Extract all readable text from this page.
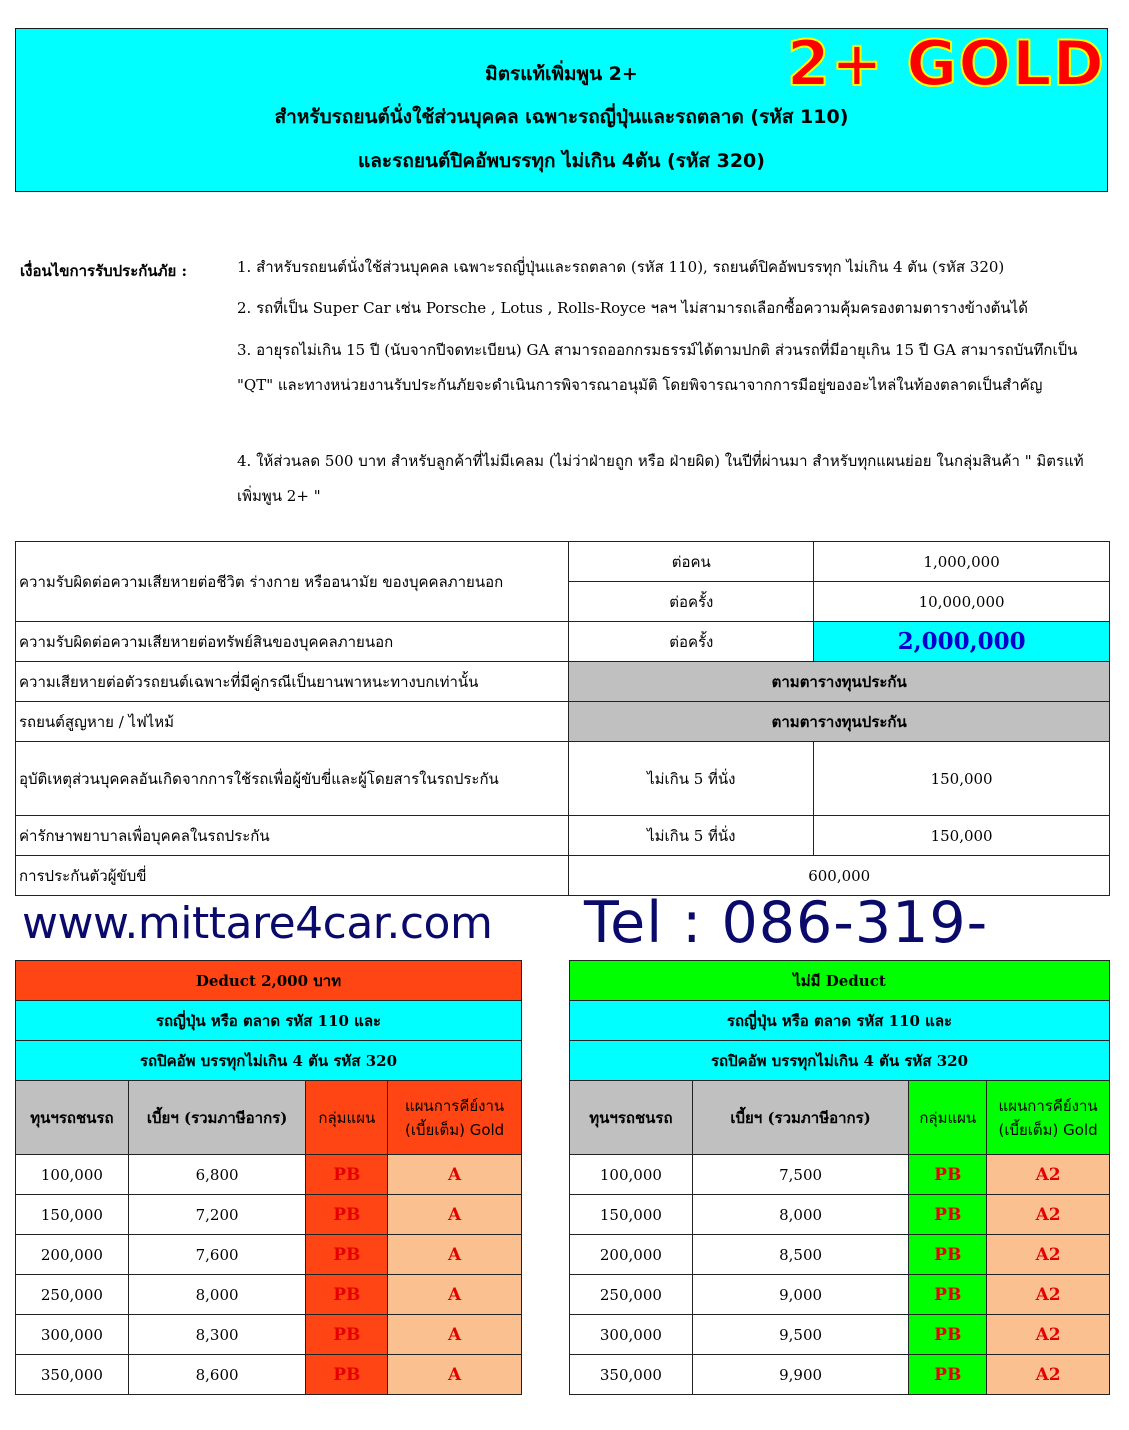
มิตรแท้เพิ่มพูน 2+
สำหรับรถยนต์นั่งใช้ส่วนบุคคล เฉพาะรถญี่ปุ่นและรถตลาด (รหัส 110)
และรถยนต์ปิคอัพบรรทุก ไม่เกิน 4ตัน (รหัส 320)
2+ GOLD
เงื่อนไขการรับประกันภัย :	1. สำหรับรถยนต์นั่งใช้ส่วนบุคคล เฉพาะรถญี่ปุ่นและรถตลาด (รหัส 110), รถยนต์ปิคอัพบรรทุก ไม่เกิน 4 ตัน (รหัส 320)
2. รถที่เป็น Super Car เช่น Porsche , Lotus , Rolls-Royce ฯลฯ ไม่สามารถเลือกซื้อความคุ้มครองตามตารางข้างต้นได้
3. อายุรถไม่เกิน 15 ปี (นับจากปีจดทะเบียน) GA สามารถออกกรมธรรม์ได้ตามปกติ ส่วนรถที่มีอายุเกิน 15 ปี GA สามารถบันทึกเป็น "QT" และทางหน่วยงานรับประกันภัยจะดำเนินการพิจารณาอนุมัติ โดยพิจารณาจากการมีอยู่ของอะไหล่ในท้องตลาดเป็นสำคัญ
4. ให้ส่วนลด 500 บาท สำหรับลูกค้าที่ไม่มีเคลม (ไม่ว่าฝ่ายถูก หรือ ฝ่ายผิด) ในปีที่ผ่านมา สำหรับทุกแผนย่อย ในกลุ่มสินค้า " มิตรแท้เพิ่มพูน 2+ "
ความรับผิดต่อความเสียหายต่อชีวิต ร่างกาย หรืออนามัย ของบุคคลภายนอก	ต่อคน	1,000,000
	ต่อครั้ง	10,000,000
ความรับผิดต่อความเสียหายต่อทรัพย์สินของบุคคลภายนอก	ต่อครั้ง	2,000,000
ความเสียหายต่อตัวรถยนต์เฉพาะที่มีคู่กรณีเป็นยานพาหนะทางบกเท่านั้น	ตามตารางทุนประกัน	
รถยนต์สูญหาย / ไฟไหม้	ตามตารางทุนประกัน	
อุบัติเหตุส่วนบุคคลอันเกิดจากการใช้รถเพื่อผู้ขับขี่และผู้โดยสารในรถประกัน	ไม่เกิน 5 ที่นั่ง	150,000
ค่ารักษาพยาบาลเพื่อบุคคลในรถประกัน	ไม่เกิน 5 ที่นั่ง	150,000
การประกันตัวผู้ขับขี่	600,000	
www.mittare4car.com Tel : 086-319-
Deduct 2,000 บาท			
รถญี่ปุ่น หรือ ตลาด รหัส 110 และ			
รถปิคอัพ บรรทุกไม่เกิน 4 ตัน รหัส 320			
ทุนฯรถชนรถ	เบี้ยฯ (รวมภาษีอากร)	กลุ่มแผน	แผนการคีย์งาน (เบี้ยเต็ม) Gold
100,000	6,800	PB	A
150,000	7,200	PB	A
200,000	7,600	PB	A
250,000	8,000	PB	A
300,000	8,300	PB	A
350,000	8,600	PB	A
ไม่มี Deduct			
รถญี่ปุ่น หรือ ตลาด รหัส 110 และ			
รถปิคอัพ บรรทุกไม่เกิน 4 ตัน รหัส 320			
ทุนฯรถชนรถ	เบี้ยฯ (รวมภาษีอากร)	กลุ่มแผน	แผนการคีย์งาน (เบี้ยเต็ม) Gold
100,000	7,500	PB	A2
150,000	8,000	PB	A2
200,000	8,500	PB	A2
250,000	9,000	PB	A2
300,000	9,500	PB	A2
350,000	9,900	PB	A2
